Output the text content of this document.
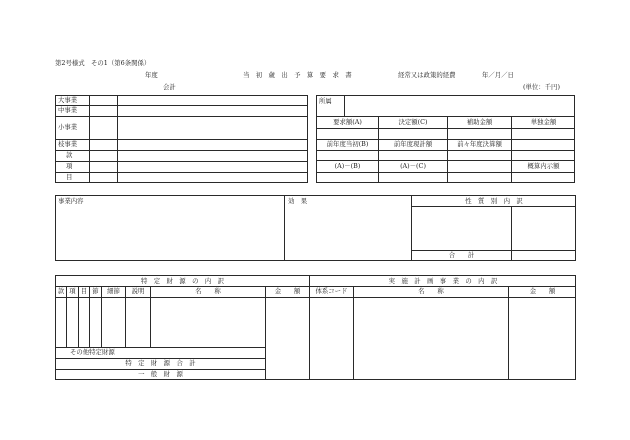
第2号様式　その1（第6条関係）
年度	当　初　歳　出　予　算　要　求　書	経常又は政策的経費	年／月／日
会計	(単位：千円)
大事業
中事業
小事業
枝事業
款
項
目
所属
要求額(A)	決定額(C)	補助金額	単独金額
前年度当初(B)	前年度現計額	前々年度決算額
(A)－(B)	(A)－(C)	概算内示額
事業内容	効　果	性　質　別　内　訳
合　　計
特　定　財　源　の　内　訳	実　施　計　画　事　業　の　内　訳
款 項 目 節	細節	説明	名　　称	金　　額	体系コード	名　　称	金　　額
その他特定財源
特　定　財　源　合　計
一　般　財　源
